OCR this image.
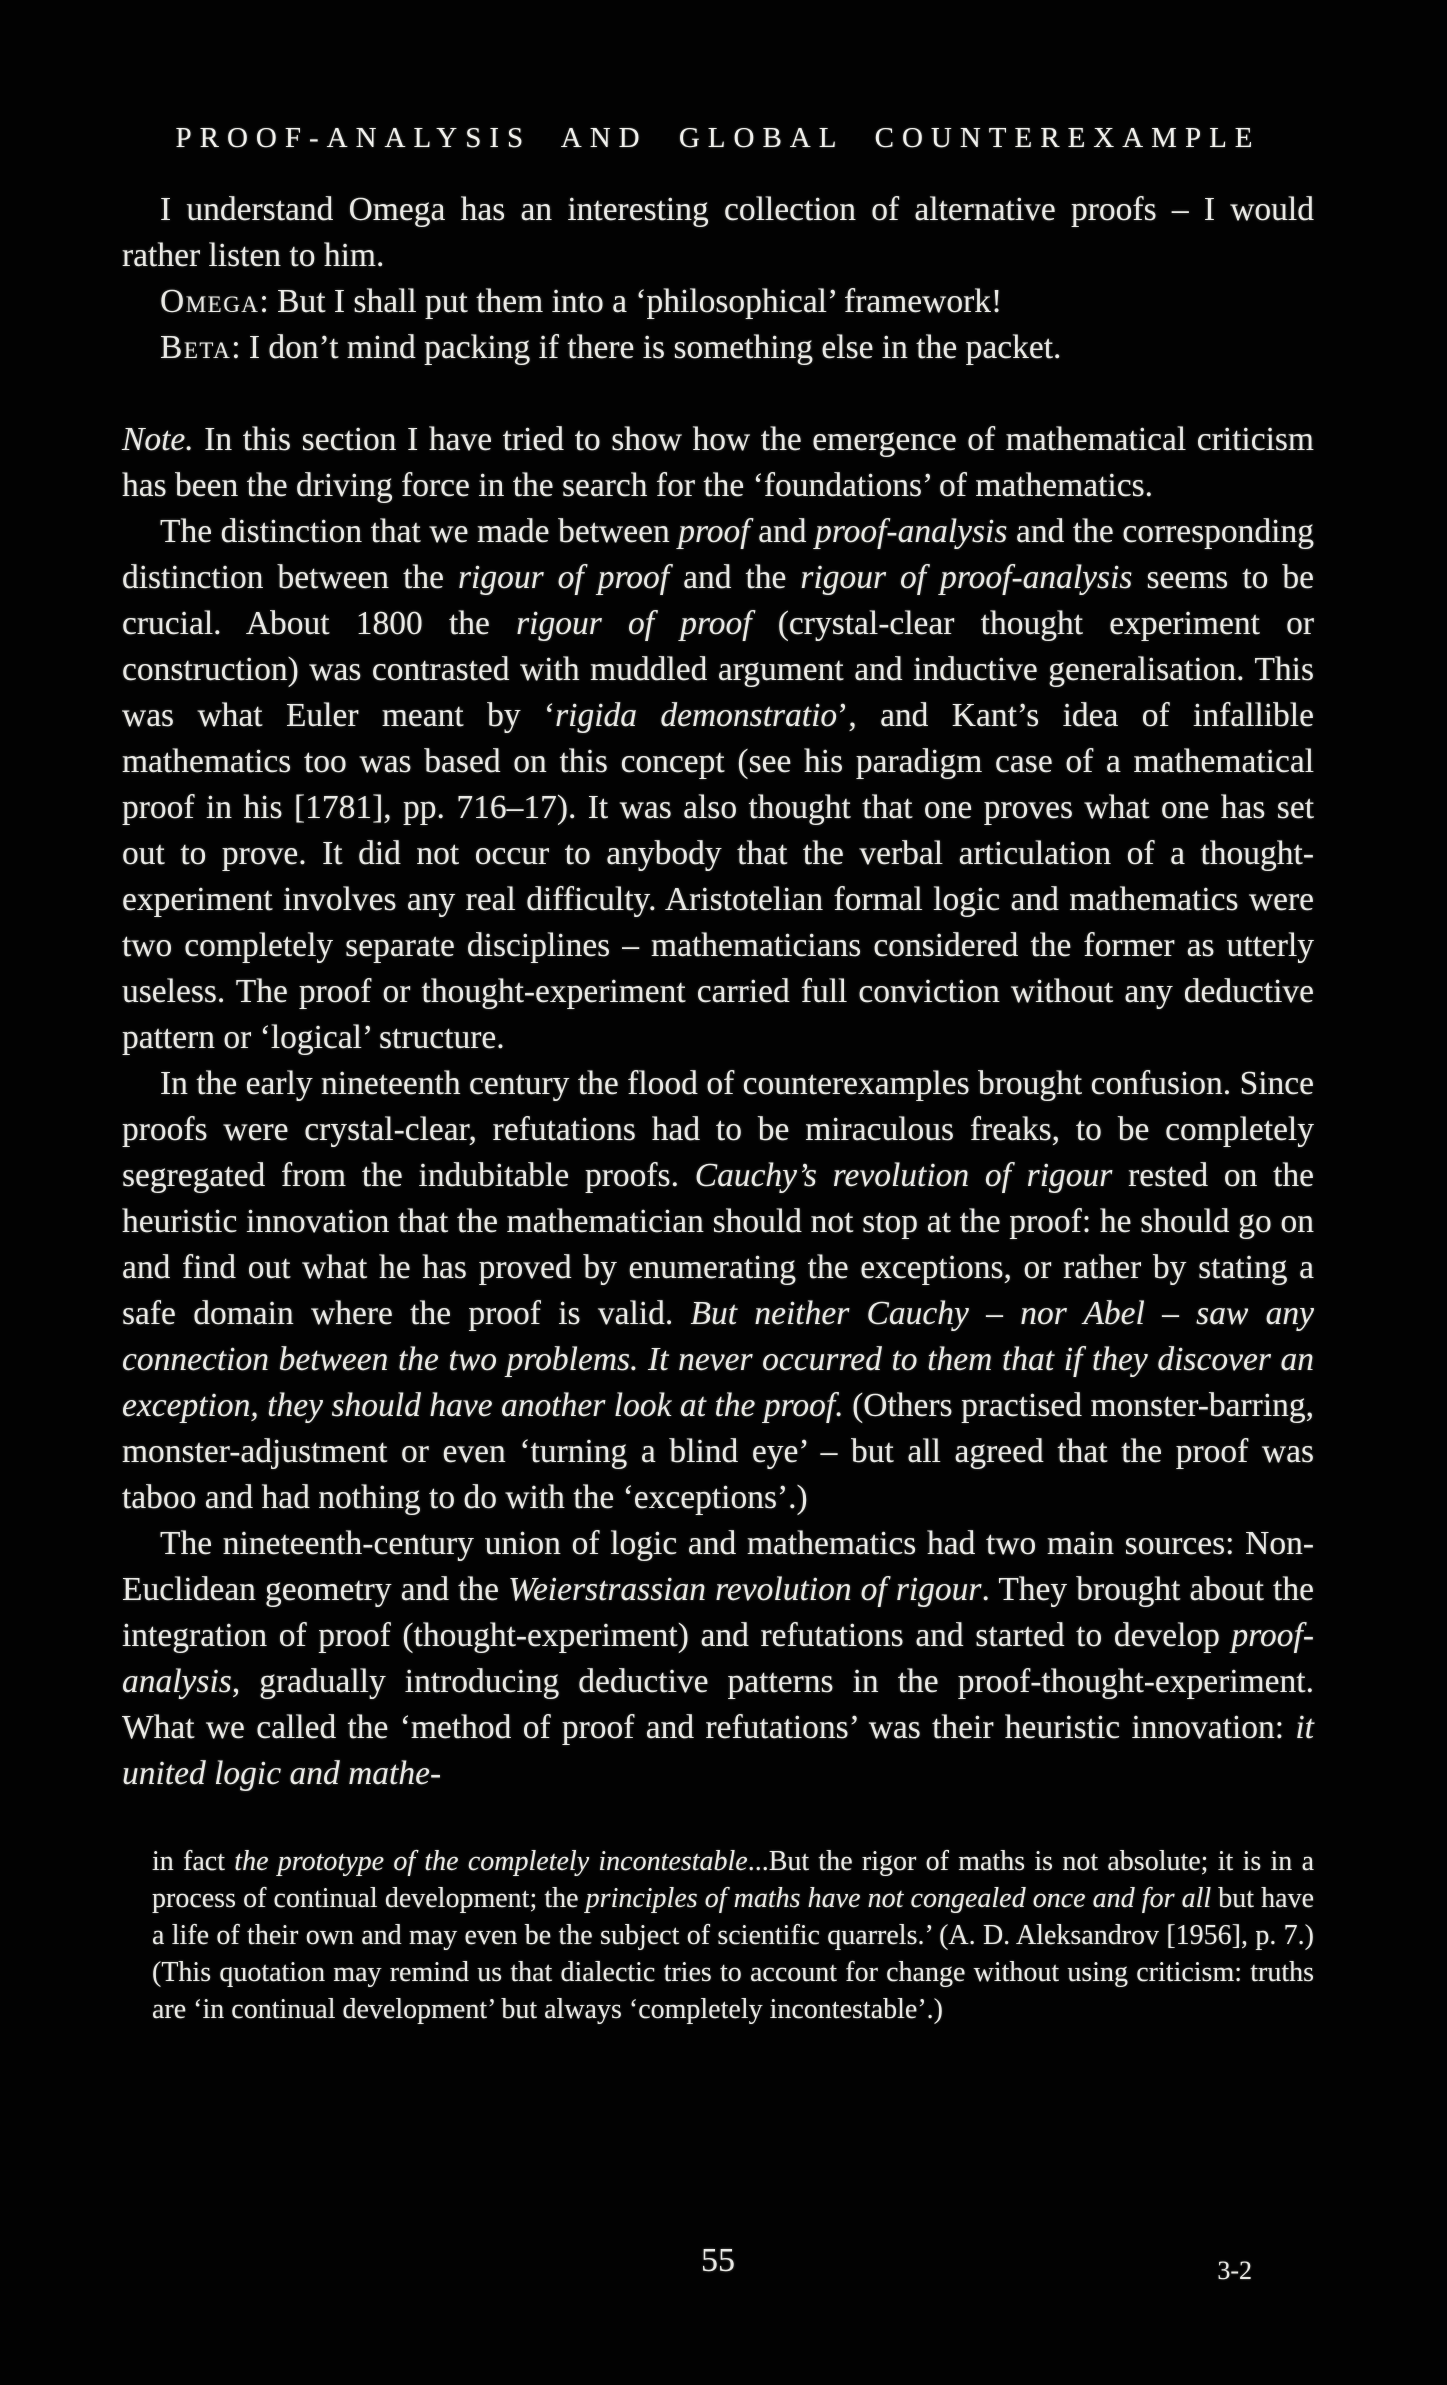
PROOF-ANALYSIS AND GLOBAL COUNTEREXAMPLE

I understand Omega has an interesting collection of alternative proofs – I would rather listen to him.

Omega: But I shall put them into a ‘philosophical’ framework!

Beta: I don’t mind packing if there is something else in the packet.

Note. In this section I have tried to show how the emergence of mathematical criticism has been the driving force in the search for the ‘foundations’ of mathematics.

The distinction that we made between proof and proof-analysis and the corresponding distinction between the rigour of proof and the rigour of proof-analysis seems to be crucial. About 1800 the rigour of proof (crystal-clear thought experiment or construction) was contrasted with muddled argument and inductive generalisation. This was what Euler meant by ‘rigida demonstratio’, and Kant’s idea of infallible mathematics too was based on this concept (see his paradigm case of a mathematical proof in his [1781], pp. 716–17). It was also thought that one proves what one has set out to prove. It did not occur to anybody that the verbal articulation of a thought-experiment involves any real difficulty. Aristotelian formal logic and mathematics were two completely separate disciplines – mathematicians considered the former as utterly useless. The proof or thought-experiment carried full conviction without any deductive pattern or ‘logical’ structure.

In the early nineteenth century the flood of counterexamples brought confusion. Since proofs were crystal-clear, refutations had to be miraculous freaks, to be completely segregated from the indubitable proofs. Cauchy’s revolution of rigour rested on the heuristic innovation that the mathematician should not stop at the proof: he should go on and find out what he has proved by enumerating the exceptions, or rather by stating a safe domain where the proof is valid. But neither Cauchy – nor Abel – saw any connection between the two problems. It never occurred to them that if they discover an exception, they should have another look at the proof. (Others practised monster-barring, monster-adjustment or even ‘turning a blind eye’ – but all agreed that the proof was taboo and had nothing to do with the ‘exceptions’.)

The nineteenth-century union of logic and mathematics had two main sources: Non-Euclidean geometry and the Weierstrassian revolution of rigour. They brought about the integration of proof (thought-experiment) and refutations and started to develop proof-analysis, gradually introducing deductive patterns in the proof-thought-experiment. What we called the ‘method of proof and refutations’ was their heuristic innovation: it united logic and mathe-

in fact the prototype of the completely incontestable...But the rigor of maths is not absolute; it is in a process of continual development; the principles of maths have not congealed once and for all but have a life of their own and may even be the subject of scientific quarrels.’ (A. D. Aleksandrov [1956], p. 7.) (This quotation may remind us that dialectic tries to account for change without using criticism: truths are ‘in continual development’ but always ‘completely incontestable’.)
55	3-2
